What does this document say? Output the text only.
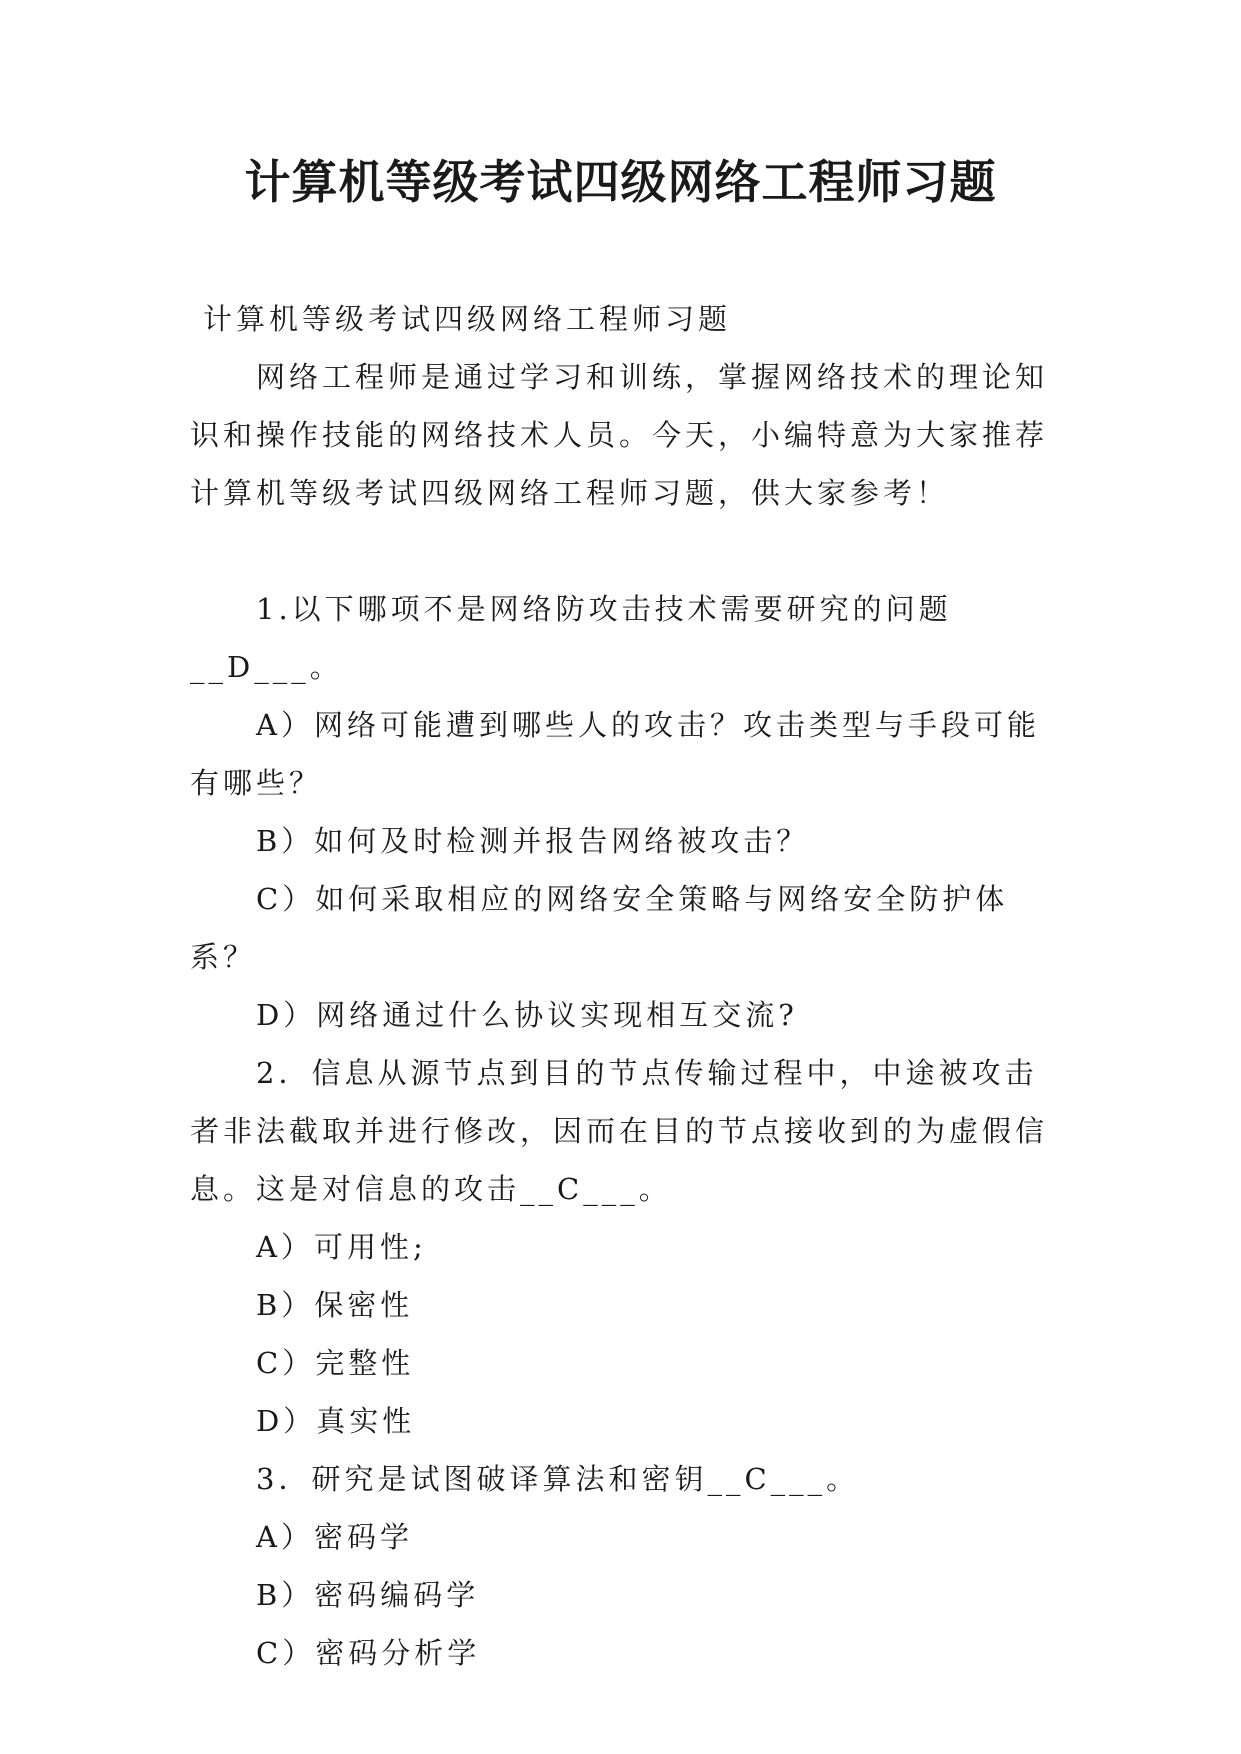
计算机等级考试四级网络工程师习题

计算机等级考试四级网络工程师习题

网络工程师是通过学习和训练，掌握网络技术的理论知识和操作技能的网络技术人员。今天，小编特意为大家推荐计算机等级考试四级网络工程师习题，供大家参考！

1.以下哪项不是网络防攻击技术需要研究的问题__D___。

A）网络可能遭到哪些人的攻击？攻击类型与手段可能有哪些？

B）如何及时检测并报告网络被攻击？

C）如何采取相应的网络安全策略与网络安全防护体系？

D）网络通过什么协议实现相互交流?

2．信息从源节点到目的节点传输过程中，中途被攻击者非法截取并进行修改，因而在目的节点接收到的为虚假信息。这是对信息的攻击__C___。

A）可用性;

B）保密性

C）完整性

D）真实性

3．研究是试图破译算法和密钥__C___。

A）密码学

B）密码编码学

C）密码分析学
